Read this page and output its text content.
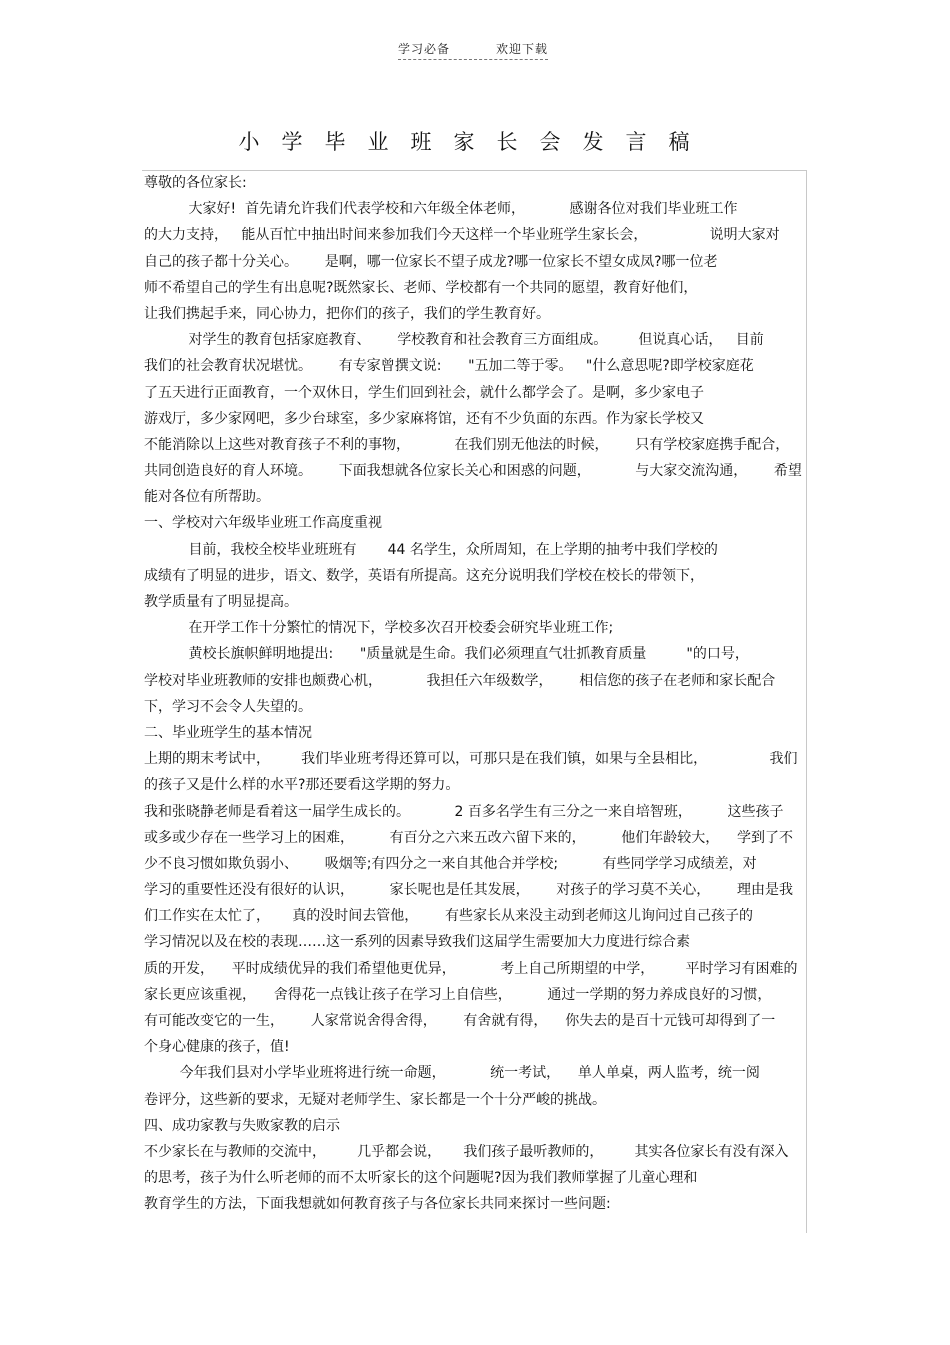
学习必备	欢迎下载
小学毕业班家长会发言稿
尊敬的各位家长:
大家好!  首先请允许我们代表学校和六年级全体老师，          感谢各位对我们毕业班工作
的大力支持，   能从百忙中抽出时间来参加我们今天这样一个毕业班学生家长会，              说明大家对
自己的孩子都十分关心。      是啊，哪一位家长不望子成龙?哪一位家长不望女成凤?哪一位老
师不希望自己的学生有出息呢?既然家长、老师、学校都有一个共同的愿望，教育好他们，
让我们携起手来，同心协力，把你们的孩子，我们的学生教育好。
对学生的教育包括家庭教育、      学校教育和社会教育三方面组成。       但说真心话，   目前
我们的社会教育状况堪忧。      有专家曾撰文说:      "五加二等于零。   "什么意思呢?即学校家庭花
了五天进行正面教育，一个双休日，学生们回到社会，就什么都学会了。是啊，多少家电子
游戏厅，多少家网吧，多少台球室，多少家麻将馆，还有不少负面的东西。作为家长学校又
不能消除以上这些对教育孩子不利的事物，          在我们别无他法的时候，      只有学校家庭携手配合，
共同创造良好的育人环境。      下面我想就各位家长关心和困惑的问题，          与大家交流沟通，      希望
能对各位有所帮助。
一、学校对六年级毕业班工作高度重视
目前，我校全校毕业班班有       44 名学生，众所周知，在上学期的抽考中我们学校的
成绩有了明显的进步，语文、数学，英语有所提高。这充分说明我们学校在校长的带领下，
教学质量有了明显提高。
在开学工作十分繁忙的情况下，学校多次召开校委会研究毕业班工作;
黄校长旗帜鲜明地提出:      "质量就是生命。我们必须理直气壮抓教育质量         "的口号，
学校对毕业班教师的安排也颇费心机，          我担任六年级数学，      相信您的孩子在老师和家长配合
下，学习不会令人失望的。
二、毕业班学生的基本情况
上期的期末考试中，       我们毕业班考得还算可以，可那只是在我们镇，如果与全县相比，              我们
的孩子又是什么样的水平?那还要看这学期的努力。
我和张晓静老师是看着这一届学生成长的。          2 百多名学生有三分之一来自培智班，        这些孩子
或多或少存在一些学习上的困难，        有百分之六来五改六留下来的，        他们年龄较大，    学到了不
少不良习惯如欺负弱小、      吸烟等;有四分之一来自其他合并学校;          有些同学学习成绩差，对
学习的重要性还没有很好的认识，        家长呢也是任其发展，      对孩子的学习莫不关心，      理由是我
们工作实在太忙了，     真的没时间去管他，      有些家长从来没主动到老师这儿询问过自己孩子的
学习情况以及在校的表现……这一系列的因素导致我们这届学生需要加大力度进行综合素
质的开发，    平时成绩优异的我们希望他更优异，          考上自己所期望的中学，       平时学习有困难的
家长更应该重视，    舍得花一点钱让孩子在学习上自信些，        通过一学期的努力养成良好的习惯，
有可能改变它的一生，      人家常说舍得舍得，      有舍就有得，    你失去的是百十元钱可却得到了一
个身心健康的孩子，值!
今年我们县对小学毕业班将进行统一命题，          统一考试，    单人单桌，两人监考，统一阅
卷评分，这些新的要求，无疑对老师学生、家长都是一个十分严峻的挑战。
四、成功家教与失败家教的启示
不少家长在与教师的交流中，       几乎都会说，     我们孩子最听教师的，       其实各位家长有没有深入
的思考，孩子为什么听老师的而不太听家长的这个问题呢?因为我们教师掌握了儿童心理和
教育学生的方法，下面我想就如何教育孩子与各位家长共同来探讨一些问题:
